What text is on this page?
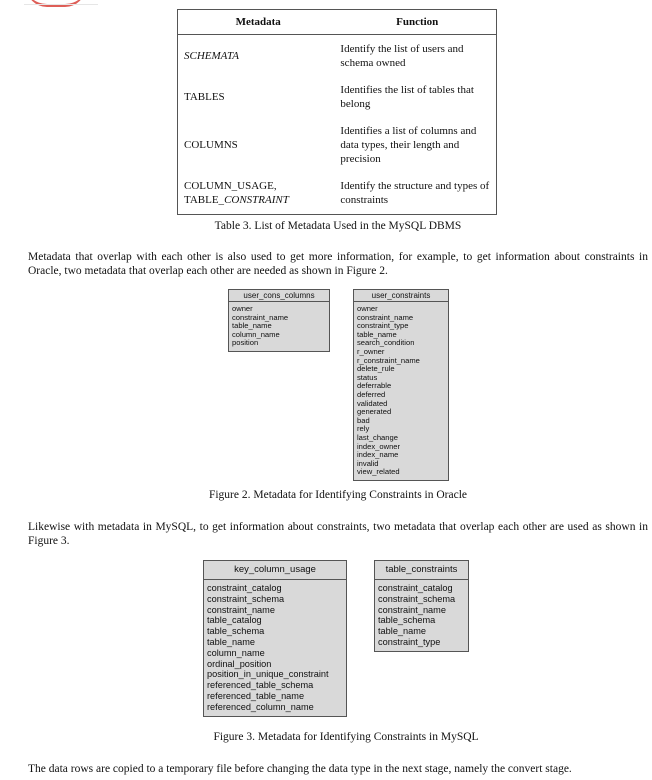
Metadata	Function
SCHEMATA	Identify the list of users and schema owned
TABLES	Identifies the list of tables that belong
COLUMNS	Identifies a list of columns and data types, their length and precision

COLUMN_USAGE,
TABLE_CONSTRAINT	Identify the structure and types of constraints
Table 3. List of Metadata Used in the MySQL DBMS
Metadata that overlap with each other is also used to get more information, for example, to get information about constraints in Oracle, two metadata that overlap each other are needed as shown in Figure 2.
user_cons_columns
owner
constraint_name
table_name
column_name
position
user_constraints
owner
constraint_name
constraint_type
table_name
search_condition
r_owner
r_constraint_name
delete_rule
status
deferrable
deferred
validated
generated
bad
rely
last_change
index_owner
index_name
invalid
view_related
Figure 2. Metadata for Identifying Constraints in Oracle
Likewise with metadata in MySQL, to get information about constraints, two metadata that overlap each other are used as shown in Figure 3.
key_column_usage
constraint_catalog
constraint_schema
constraint_name
table_catalog
table_schema
table_name
column_name
ordinal_position
position_in_unique_constraint
referenced_table_schema
referenced_table_name
referenced_column_name
table_constraints
constraint_catalog
constraint_schema
constraint_name
table_schema
table_name
constraint_type
Figure 3. Metadata for Identifying Constraints in MySQL
The data rows are copied to a temporary file before changing the data type in the next stage, namely the convert stage.
